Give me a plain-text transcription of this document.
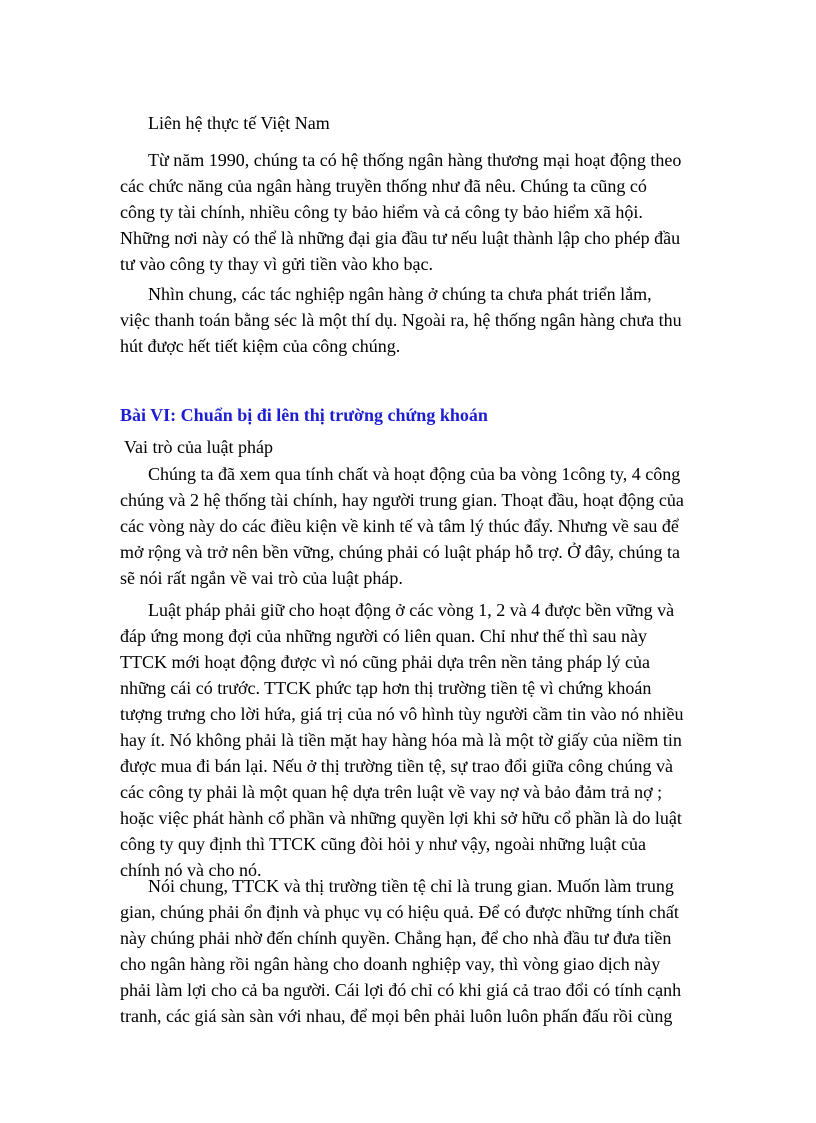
Liên hệ thực tế Việt Nam

Từ năm 1990, chúng ta có hệ thống ngân hàng thương mại hoạt động theo
các chức năng của ngân hàng truyền thống như đã nêu. Chúng ta cũng có
công ty tài chính, nhiều công ty bảo hiểm và cả công ty bảo hiểm xã hội.
Những nơi này có thể là những đại gia đầu tư nếu luật thành lập cho phép đầu
tư vào công ty thay vì gửi tiền vào kho bạc.

Nhìn chung, các tác nghiệp ngân hàng ở chúng ta chưa phát triển lắm,
việc thanh toán bằng séc là một thí dụ. Ngoài ra, hệ thống ngân hàng chưa thu
hút được hết tiết kiệm của công chúng.

Bài VI: Chuẩn bị đi lên thị trường chứng khoán

Vai trò của luật pháp

Chúng ta đã xem qua tính chất và hoạt động của ba vòng 1công ty, 4 công
chúng và 2 hệ thống tài chính, hay người trung gian. Thoạt đầu, hoạt động của
các vòng này do các điều kiện về kinh tế và tâm lý thúc đẩy. Nhưng về sau để
mở rộng và trở nên bền vững, chúng phải có luật pháp hỗ trợ. Ở đây, chúng ta
sẽ nói rất ngắn về vai trò của luật pháp.

Luật pháp phải giữ cho hoạt động ở các vòng 1, 2 và 4 được bền vững và
đáp ứng mong đợi của những người có liên quan. Chỉ như thế thì sau này
TTCK mới hoạt động được vì nó cũng phải dựa trên nền tảng pháp lý của
những cái có trước. TTCK phức tạp hơn thị trường tiền tệ vì chứng khoán
tượng trưng cho lời hứa, giá trị của nó vô hình tùy người cầm tin vào nó nhiều
hay ít. Nó không phải là tiền mặt hay hàng hóa mà là một tờ giấy của niềm tin
được mua đi bán lại. Nếu ở thị trường tiền tệ, sự trao đổi giữa công chúng và
các công ty phải là một quan hệ dựa trên luật về vay nợ và bảo đảm trả nợ ;
hoặc việc phát hành cổ phần và những quyền lợi khi sở hữu cổ phần là do luật
công ty quy định thì TTCK cũng đòi hỏi y như vậy, ngoài những luật của
chính nó và cho nó.

Nói chung, TTCK và thị trường tiền tệ chỉ là trung gian. Muốn làm trung
gian, chúng phải ổn định và phục vụ có hiệu quả. Để có được những tính chất
này chúng phải nhờ đến chính quyền. Chẳng hạn, để cho nhà đầu tư đưa tiền
cho ngân hàng rồi ngân hàng cho doanh nghiệp vay, thì vòng giao dịch này
phải làm lợi cho cả ba người. Cái lợi đó chỉ có khi giá cả trao đổi có tính cạnh
tranh, các giá sàn sàn với nhau, để mọi bên phải luôn luôn phấn đấu rồi cùng
